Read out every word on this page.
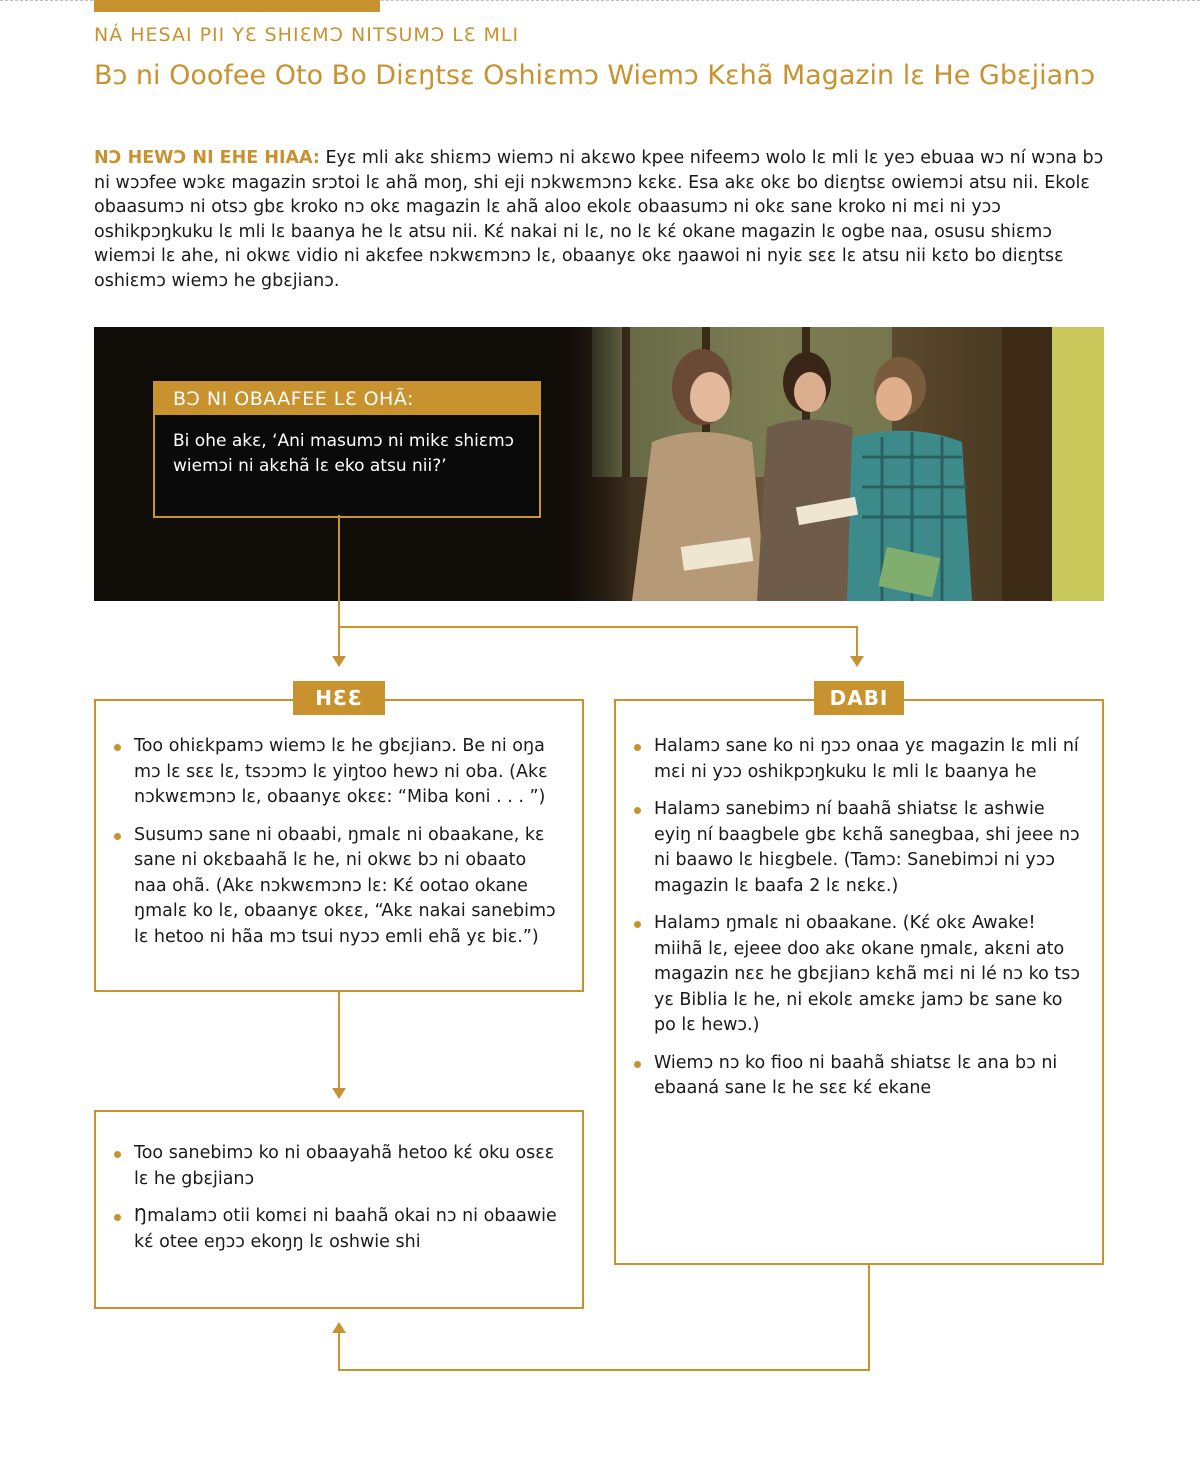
NÁ HESAI PII YƐ SHIƐMƆ NITSUMƆ LƐ MLI
Bɔ ni Ooofee Oto Bo Diɛŋtsɛ Oshiɛmɔ Wiemɔ Kɛhã Magazin lɛ He Gbɛjianɔ
NƆ HEWƆ NI EHE HIAA: Eyɛ mli akɛ shiɛmɔ wiemɔ ni akɛwo kpee nifeemɔ wolo lɛ mli lɛ yeɔ ebuaa wɔ ní wɔna bɔ ni wɔɔfee wɔkɛ magazin srɔtoi lɛ ahã moŋ, shi eji nɔkwɛmɔnɔ kɛkɛ. Esa akɛ okɛ bo diɛŋtsɛ owiemɔi atsu nii. Ekolɛ obaasumɔ ni otsɔ gbɛ kroko nɔ okɛ magazin lɛ ahã aloo ekolɛ obaasumɔ ni okɛ sane kroko ni mɛi ni yɔɔ oshikpɔŋkuku lɛ mli lɛ baanya he lɛ atsu nii. Kɛ́ nakai ni lɛ, no lɛ kɛ́ okane magazin lɛ ogbe naa, osusu shiɛmɔ wiemɔi lɛ ahe, ni okwɛ vidio ni akɛfee nɔkwɛmɔnɔ lɛ, obaanyɛ okɛ ŋaawoi ni nyiɛ sɛɛ lɛ atsu nii kɛto bo diɛŋtsɛ oshiɛmɔ wiemɔ he gbɛjianɔ.
BƆ NI OBAAFEE LƐ OHÃ:
Bi ohe akɛ, ‘Ani masumɔ ni mikɛ shiɛmɔ wiemɔi ni akɛhã lɛ eko atsu nii?’
Too ohiɛkpamɔ wiemɔ lɛ he gbɛjianɔ. Be ni oŋa mɔ lɛ sɛɛ lɛ, tsɔɔmɔ lɛ yiŋtoo hewɔ ni oba. (Akɛ nɔkwɛmɔnɔ lɛ, obaanyɛ okɛɛ: “Miba koni . . . ”)
Susumɔ sane ni obaabi, ŋmalɛ ni obaakane, kɛ sane ni okɛbaahã lɛ he, ni okwɛ bɔ ni obaato naa ohã. (Akɛ nɔkwɛmɔnɔ lɛ: Kɛ́ ootao okane ŋmalɛ ko lɛ, obaanyɛ okɛɛ, “Akɛ nakai sanebimɔ lɛ hetoo ni hãa mɔ tsui nyɔɔ emli ehã yɛ biɛ.”)
HƐƐ
Halamɔ sane ko ni ŋɔɔ onaa yɛ magazin lɛ mli ní mɛi ni yɔɔ oshikpɔŋkuku lɛ mli lɛ baanya he
Halamɔ sanebimɔ ní baahã shiatsɛ lɛ ashwie eyiŋ ní baagbele gbɛ kɛhã sanegbaa, shi jeee nɔ ni baawo lɛ hiɛgbele. (Tamɔ: Sanebimɔi ni yɔɔ magazin lɛ baafa 2 lɛ nɛkɛ.)
Halamɔ ŋmalɛ ni obaakane. (Kɛ́ okɛ Awake! miihã lɛ, ejeee doo akɛ okane ŋmalɛ, akɛni ato magazin nɛɛ he gbɛjianɔ kɛhã mɛi ni lé nɔ ko tsɔ yɛ Biblia lɛ he, ni ekolɛ amɛkɛ jamɔ bɛ sane ko po lɛ hewɔ.)
Wiemɔ nɔ ko fioo ni baahã shiatsɛ lɛ ana bɔ ni ebaaná sane lɛ he sɛɛ kɛ́ ekane
DABI
Too sanebimɔ ko ni obaayahã hetoo kɛ́ oku osɛɛ lɛ he gbɛjianɔ
Ŋmalamɔ otii komɛi ni baahã okai nɔ ni obaawie kɛ́ otee eŋɔɔ ekoŋŋ lɛ oshwie shi
